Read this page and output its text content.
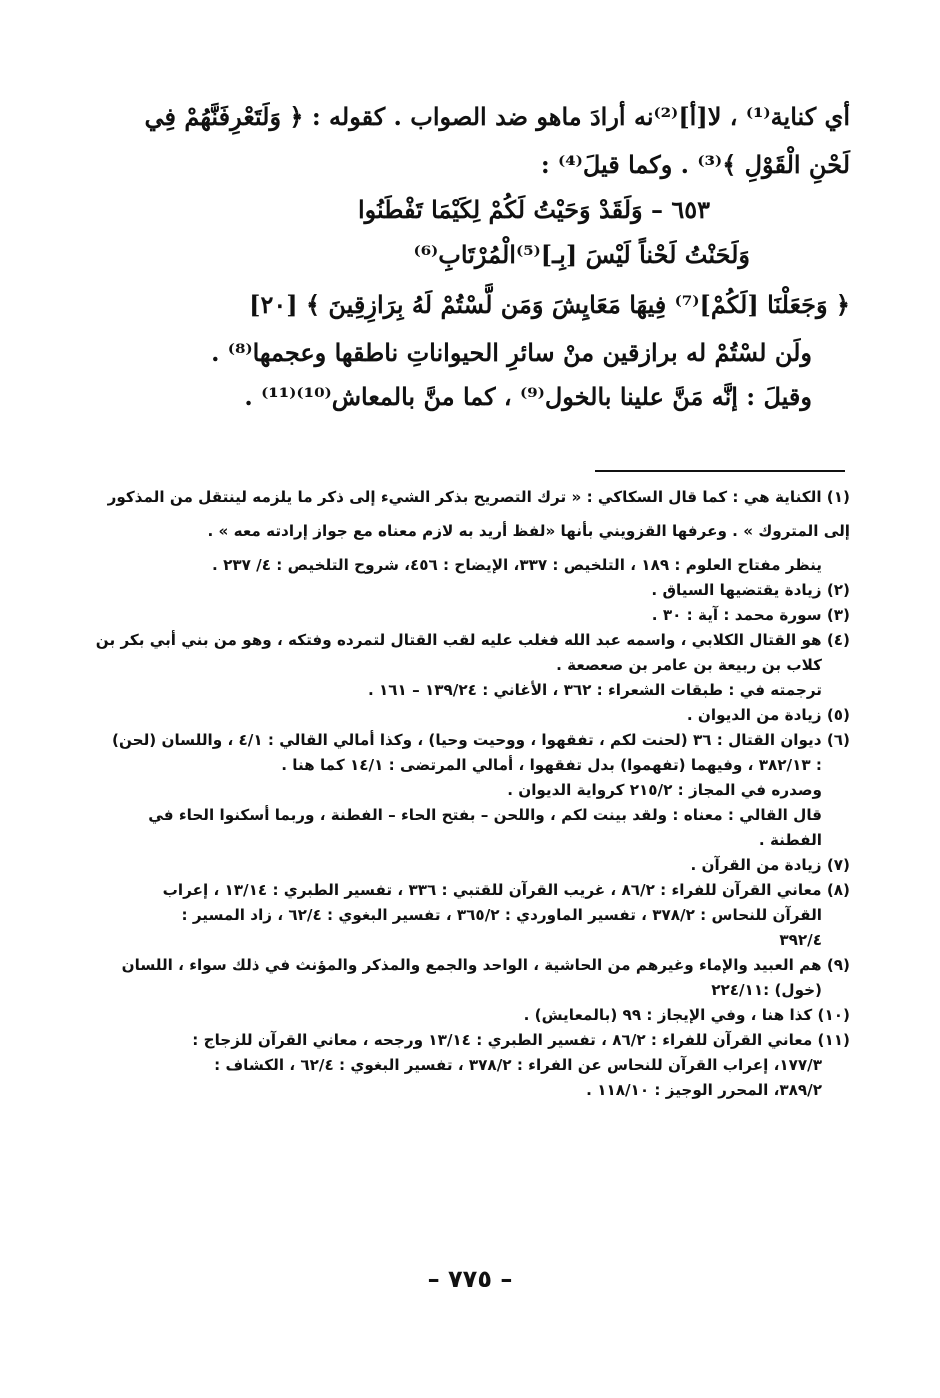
أي كناية⁽¹⁾ ، لا[أ]⁽²⁾نه أرادَ ماهو ضد الصواب . كقوله : ﴿ وَلَتَعْرِفَنَّهُمْ فِي
لَحْنِ الْقَوْلِ ﴾⁽³⁾ . وكما قيلَ⁽⁴⁾ :
٦٥٣ – وَلَقَدْ وَحَيْتُ لَكُمْ لِكَيْمَا تَفْطَنُوا
وَلَحَنْتُ لَحْناً لَيْسَ [بِـ]⁽⁵⁾الْمُرْتَابِ⁽⁶⁾
﴿ وَجَعَلْنَا [لَكُمْ]⁽⁷⁾ فِيهَا مَعَايِشَ وَمَن لَّسْتُمْ لَهُ بِرَازِقِينَ ﴾ [٢٠]
ولَن لسْتُمْ له برازقين منْ سائرِ الحيواناتِ ناطقها وعجمها⁽⁸⁾ .
وقيلَ : إنَّه مَنَّ علينا بالخول⁽⁹⁾ ، كما منَّ بالمعاش⁽¹⁰⁾⁽¹¹⁾ .

(١) الكناية هي : كما قال السكاكي : « ترك التصريح بذكر الشيء إلى ذكر ما يلزمه لينتقل من المذكور

إلى المتروك » . وعرفها القزويني بأنها «لفظ أريد به لازم معناه مع جواز إرادته معه » .

ينظر مفتاح العلوم : ١٨٩ ، التلخيص : ٣٣٧، الإيضاح : ٤٥٦، شروح التلخيص : ٤/ ٢٣٧ .

(٢) زيادة يقتضيها السياق .

(٣) سورة محمد : آية : ٣٠ .

(٤) هو القتال الكلابي ، واسمه عبد الله فغلب عليه لقب القتال لتمرده وفتكه ، وهو من بني أبي بكر بن

كلاب بن ربيعة بن عامر بن صعصعة .

ترجمته في : طبقات الشعراء : ٣٦٢ ، الأغاني : ١٣٩/٢٤ – ١٦١ .

(٥) زيادة من الديوان .

(٦) ديوان القتال : ٣٦ (لحنت لكم ، تفقهوا ، ووحيت وحيا) ، وكذا أمالي القالي : ٤/١ ، واللسان (لحن)

: ٣٨٢/١٣ ، وفيهما (تفهموا) بدل تفقهوا ، أمالي المرتضى : ١٤/١ كما هنا .

وصدره في المجاز : ٢١٥/٢ كرواية الديوان .

قال القالي : معناه : ولقد بينت لكم ، واللحن – بفتح الحاء – الفطنة ، وربما أسكنوا الحاء في

الفطنة .

(٧) زيادة من القرآن .

(٨) معاني القرآن للفراء : ٨٦/٢ ، غريب القرآن للقتبي : ٣٣٦ ، تفسير الطبري : ١٣/١٤ ، إعراب

القرآن للنحاس : ٣٧٨/٢ ، تفسير الماوردي : ٣٦٥/٢ ، تفسير البغوي : ٦٢/٤ ، زاد المسير :

٣٩٢/٤

(٩) هم العبيد والإماء وغيرهم من الحاشية ، الواحد والجمع والمذكر والمؤنث في ذلك سواء ، اللسان

(خول) :٢٢٤/١١

(١٠) كذا هنا ، وفي الإيجاز : ٩٩ (بالمعايش) .

(١١) معاني القرآن للفراء : ٨٦/٢ ، تفسير الطبري : ١٣/١٤ ورجحه ، معاني القرآن للزجاج :

١٧٧/٣، إعراب القرآن للنحاس عن الفراء : ٣٧٨/٢ ، تفسير البغوي : ٦٢/٤ ، الكشاف :

٣٨٩/٢، المحرر الوجيز : ١١٨/١٠ .

– ٧٧٥ –
